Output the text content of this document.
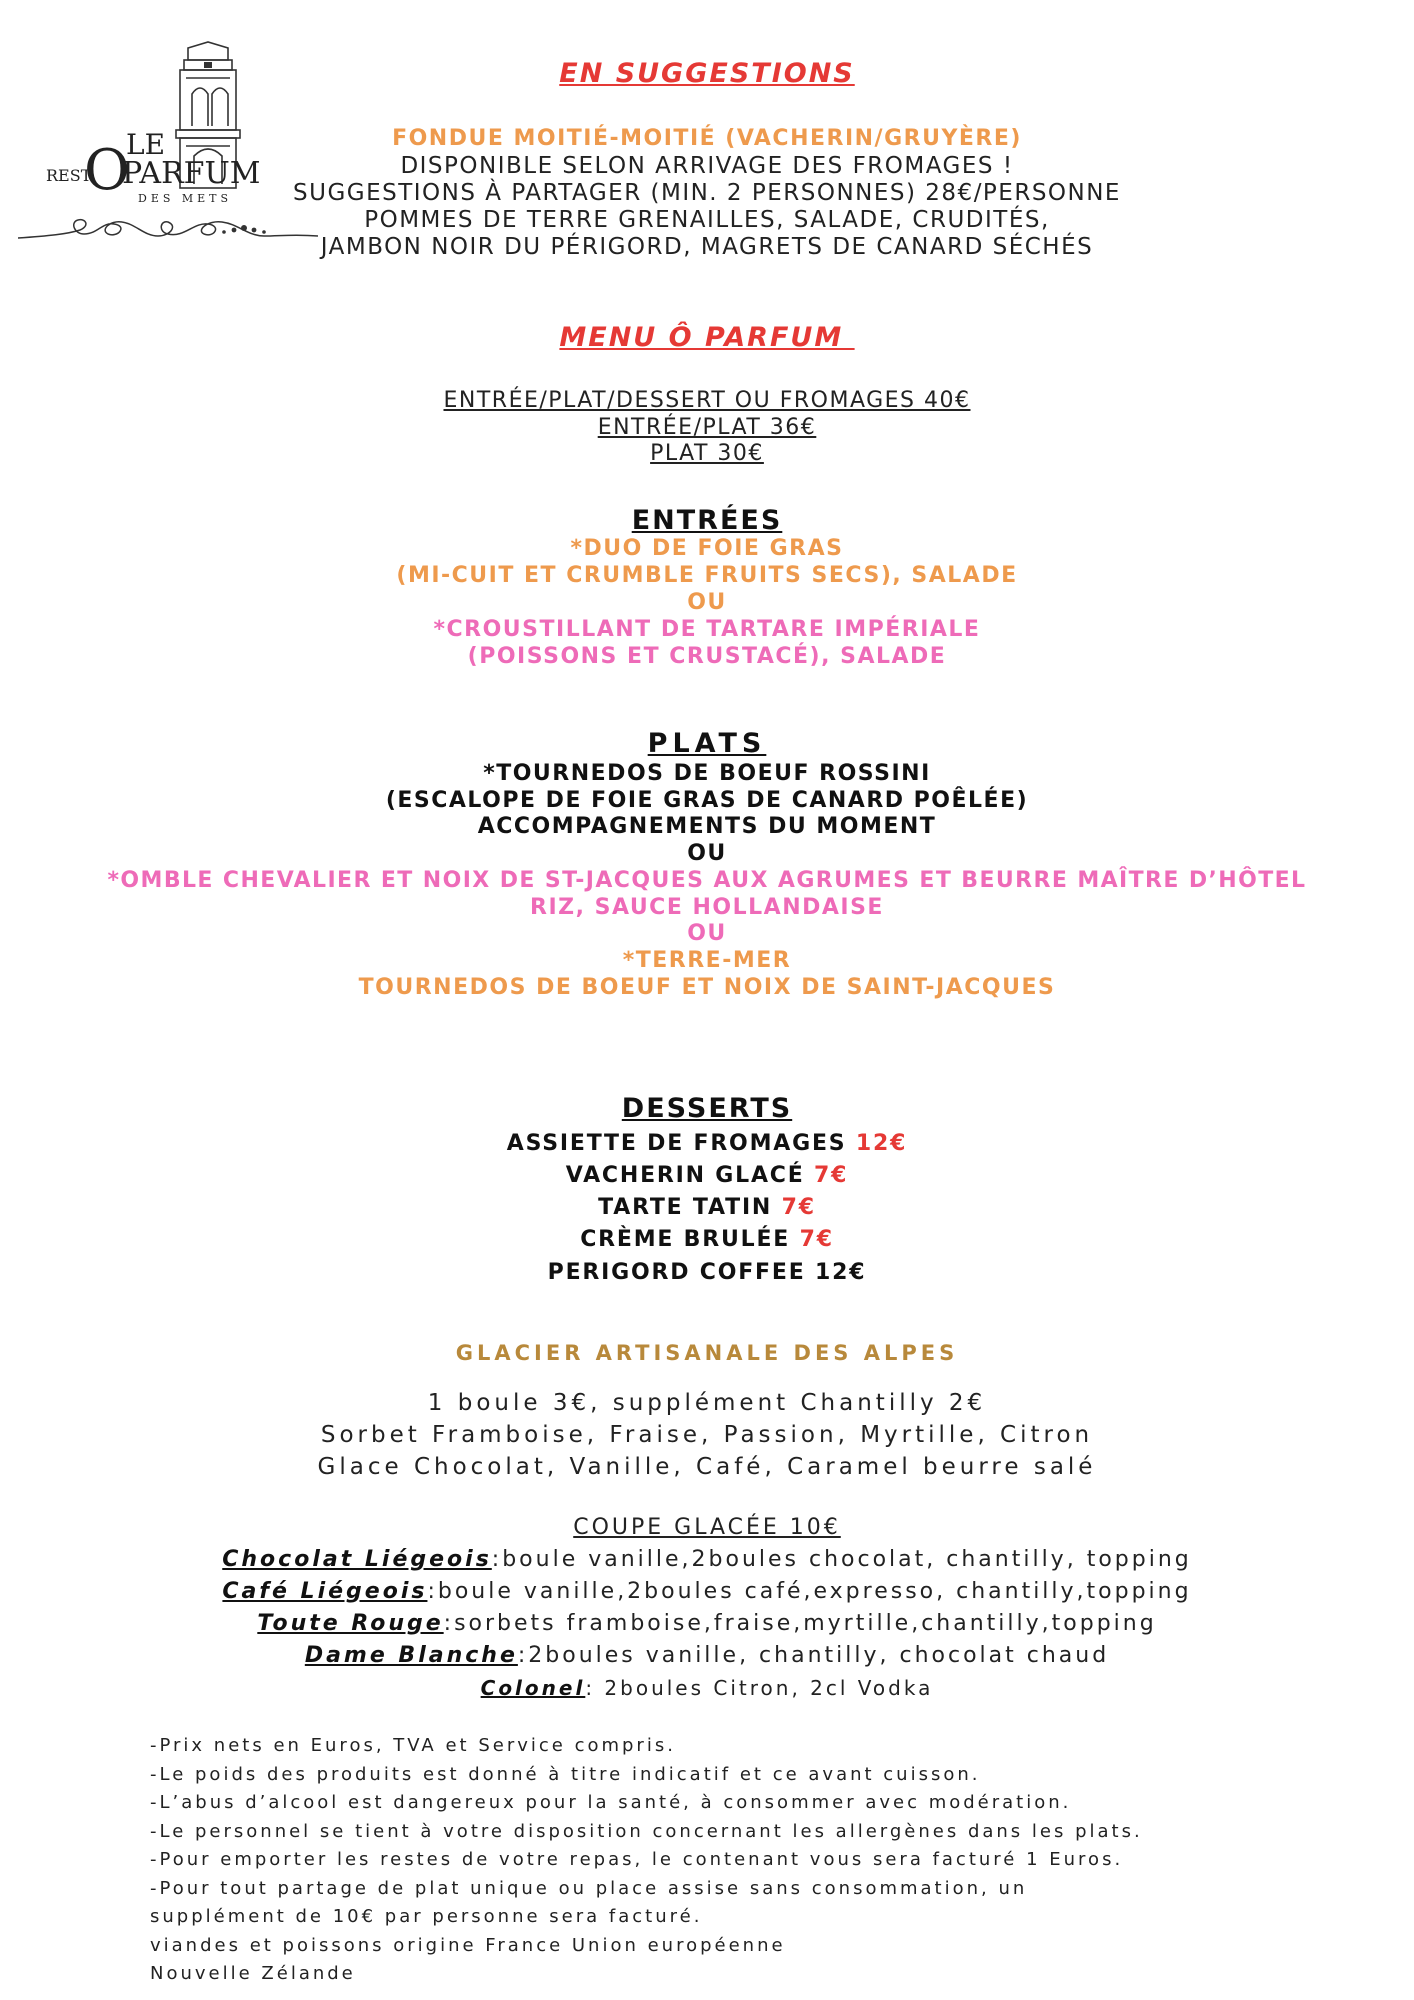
LE
REST
O
PARFUM
DES METS
EN SUGGESTIONS
FONDUE MOITIÉ-MOITIÉ (VACHERIN/GRUYÈRE)
DISPONIBLE SELON ARRIVAGE DES FROMAGES !
SUGGESTIONS À PARTAGER (MIN. 2 PERSONNES) 28€/PERSONNE
POMMES DE TERRE GRENAILLES, SALADE, CRUDITÉS,
JAMBON NOIR DU PÉRIGORD, MAGRETS DE CANARD SÉCHÉS
MENU Ô PARFUM
ENTRÉE/PLAT/DESSERT OU FROMAGES 40€
ENTRÉE/PLAT 36€
PLAT 30€
ENTRÉES
*DUO DE FOIE GRAS
(MI-CUIT ET CRUMBLE FRUITS SECS), SALADE
OU
*CROUSTILLANT DE TARTARE IMPÉRIALE
(POISSONS ET CRUSTACÉ), SALADE
PLATS
*TOURNEDOS DE BOEUF ROSSINI
(ESCALOPE DE FOIE GRAS DE CANARD POÊLÉE)
ACCOMPAGNEMENTS DU MOMENT
OU
*OMBLE CHEVALIER ET NOIX DE ST-JACQUES AUX AGRUMES ET BEURRE MAÎTRE D’HÔTEL
RIZ, SAUCE HOLLANDAISE
OU
*TERRE-MER
TOURNEDOS DE BOEUF ET NOIX DE SAINT-JACQUES
DESSERTS
ASSIETTE DE FROMAGES 12€
VACHERIN GLACÉ 7€
TARTE TATIN 7€
CRÈME BRULÉE 7€
PERIGORD COFFEE 12€
GLACIER ARTISANALE DES ALPES
1 boule 3€, supplément Chantilly 2€
Sorbet Framboise, Fraise, Passion, Myrtille, Citron
Glace Chocolat, Vanille, Café, Caramel beurre salé
COUPE GLACÉE 10€
Chocolat Liégeois:boule vanille,2boules chocolat, chantilly, topping
Café Liégeois:boule vanille,2boules café,expresso, chantilly,topping
Toute Rouge:sorbets framboise,fraise,myrtille,chantilly,topping
Dame Blanche:2boules vanille, chantilly, chocolat chaud
Colonel: 2boules Citron, 2cl Vodka
-Prix nets en Euros, TVA et Service compris.
-Le poids des produits est donné à titre indicatif et ce avant cuisson.
-L’abus d’alcool est dangereux pour la santé, à consommer avec modération.
-Le personnel se tient à votre disposition concernant les allergènes dans les plats.
-Pour emporter les restes de votre repas, le contenant vous sera facturé 1 Euros.
-Pour tout partage de plat unique ou place assise sans consommation, un
supplément de 10€ par personne sera facturé.
viandes et poissons origine France Union européenne
Nouvelle Zélande
